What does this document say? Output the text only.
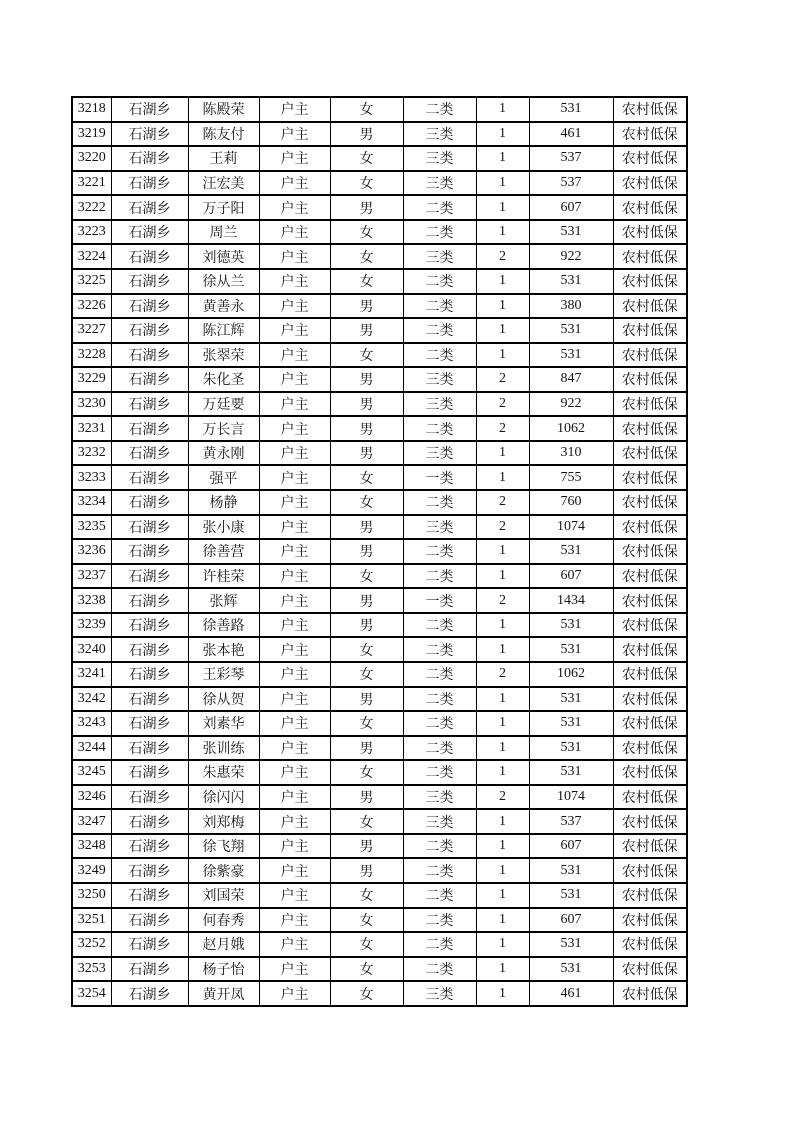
3218	石湖乡	陈殿荣	户主	女	二类	1	531	农村低保
3219	石湖乡	陈友付	户主	男	三类	1	461	农村低保
3220	石湖乡	王莉	户主	女	三类	1	537	农村低保
3221	石湖乡	汪宏美	户主	女	三类	1	537	农村低保
3222	石湖乡	万子阳	户主	男	二类	1	607	农村低保
3223	石湖乡	周兰	户主	女	二类	1	531	农村低保
3224	石湖乡	刘德英	户主	女	三类	2	922	农村低保
3225	石湖乡	徐从兰	户主	女	二类	1	531	农村低保
3226	石湖乡	黄善永	户主	男	二类	1	380	农村低保
3227	石湖乡	陈江辉	户主	男	二类	1	531	农村低保
3228	石湖乡	张翠荣	户主	女	二类	1	531	农村低保
3229	石湖乡	朱化圣	户主	男	三类	2	847	农村低保
3230	石湖乡	万廷要	户主	男	三类	2	922	农村低保
3231	石湖乡	万长言	户主	男	二类	2	1062	农村低保
3232	石湖乡	黄永刚	户主	男	三类	1	310	农村低保
3233	石湖乡	强平	户主	女	一类	1	755	农村低保
3234	石湖乡	杨静	户主	女	二类	2	760	农村低保
3235	石湖乡	张小康	户主	男	三类	2	1074	农村低保
3236	石湖乡	徐善营	户主	男	二类	1	531	农村低保
3237	石湖乡	许桂荣	户主	女	二类	1	607	农村低保
3238	石湖乡	张辉	户主	男	一类	2	1434	农村低保
3239	石湖乡	徐善路	户主	男	二类	1	531	农村低保
3240	石湖乡	张本艳	户主	女	二类	1	531	农村低保
3241	石湖乡	王彩琴	户主	女	二类	2	1062	农村低保
3242	石湖乡	徐从贺	户主	男	二类	1	531	农村低保
3243	石湖乡	刘素华	户主	女	二类	1	531	农村低保
3244	石湖乡	张训练	户主	男	二类	1	531	农村低保
3245	石湖乡	朱惠荣	户主	女	二类	1	531	农村低保
3246	石湖乡	徐闪闪	户主	男	三类	2	1074	农村低保
3247	石湖乡	刘郑梅	户主	女	三类	1	537	农村低保
3248	石湖乡	徐飞翔	户主	男	二类	1	607	农村低保
3249	石湖乡	徐紫豪	户主	男	二类	1	531	农村低保
3250	石湖乡	刘国荣	户主	女	二类	1	531	农村低保
3251	石湖乡	何春秀	户主	女	二类	1	607	农村低保
3252	石湖乡	赵月娥	户主	女	二类	1	531	农村低保
3253	石湖乡	杨子怡	户主	女	二类	1	531	农村低保
3254	石湖乡	黄开凤	户主	女	三类	1	461	农村低保
